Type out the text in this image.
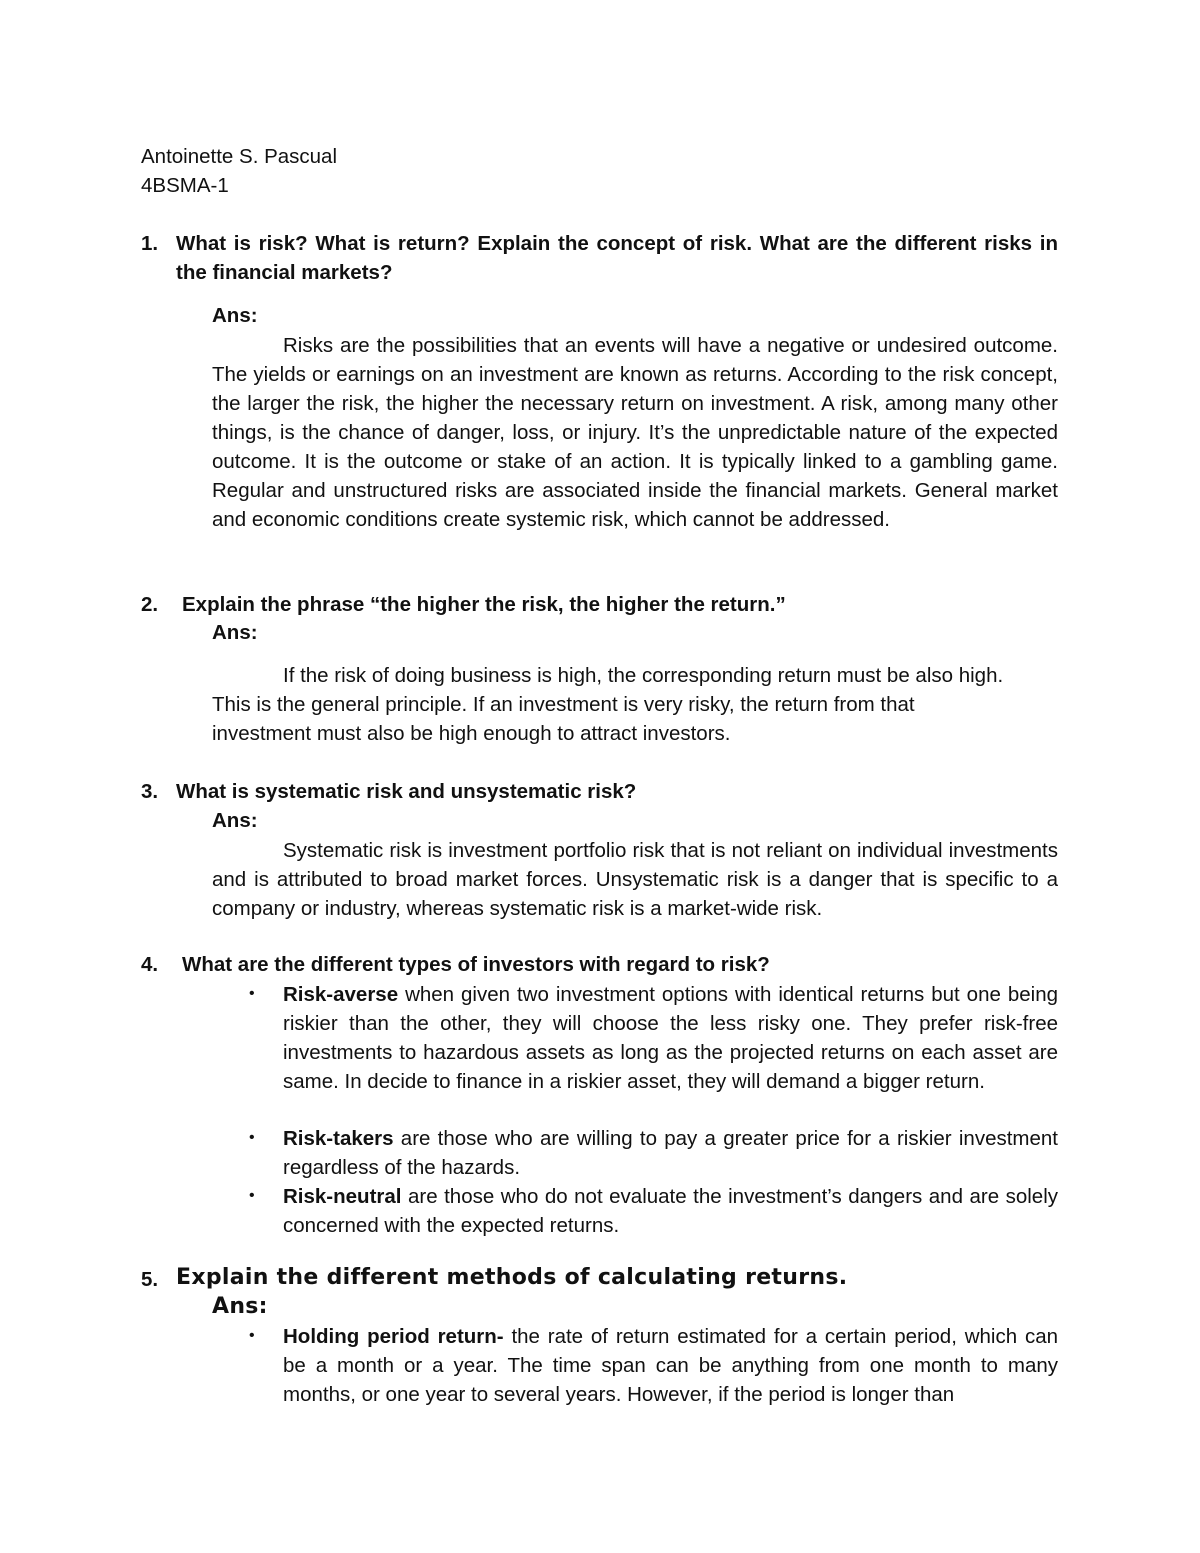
Antoinette S. Pascual
4BSMA-1
1. What is risk? What is return? Explain the concept of risk. What are the different risks in
the financial markets?
Ans:
Risks are the possibilities that an events will have a negative or undesired outcome. The yields or earnings on an investment are known as returns. According to the risk concept, the larger the risk, the higher the necessary return on investment. A risk, among many other things, is the chance of danger, loss, or injury. It’s the unpredictable nature of the expected outcome. It is the outcome or stake of an action. It is typically linked to a gambling game. Regular and unstructured risks are associated inside the financial markets. General market and economic conditions create systemic risk, which cannot be addressed.
2. Explain the phrase “the higher the risk, the higher the return.”
Ans:
If the risk of doing business is high, the corresponding return must be also high.
This is the general principle. If an investment is very risky, the return from that
investment must also be high enough to attract investors.
3. What is systematic risk and unsystematic risk?
Ans:
Systematic risk is investment portfolio risk that is not reliant on individual investments and is attributed to broad market forces. Unsystematic risk is a danger that is specific to a company or industry, whereas systematic risk is a market-wide risk.
4. What are the different types of investors with regard to risk?
• Risk-averse when given two investment options with identical returns but one being riskier than the other, they will choose the less risky one. They prefer risk-free investments to hazardous assets as long as the projected returns on each asset are same. In decide to finance in a riskier asset, they will demand a bigger return.
• Risk-takers are those who are willing to pay a greater price for a riskier investment regardless of the hazards.
• Risk-neutral are those who do not evaluate the investment’s dangers and are solely concerned with the expected returns.
5. Explain the different methods of calculating returns.
Ans:
• Holding period return- the rate of return estimated for a certain period, which can be a month or a year. The time span can be anything from one month to many months, or one year to several years. However, if the period is longer than
